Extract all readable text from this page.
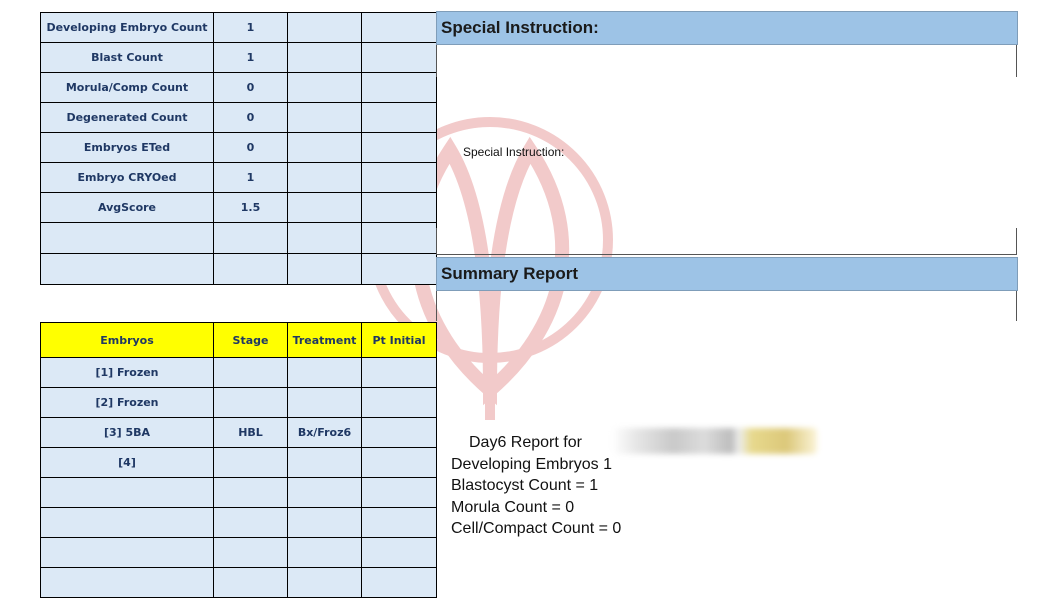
Developing Embryo Count	1		
Blast Count	1		
Morula/Comp Count	0		
Degenerated Count	0		
Embryos ETed	0		
Embryo CRYOed	1		
AvgScore	1.5		

Embryos	Stage	Treatment	Pt Initial
[1] Frozen			
[2] Frozen			
[3] 5BA	HBL	Bx/Froz6	
[4]			

Special Instruction:
Special Instruction:
Summary Report
Day6 Report for
Developing Embryos 1
Blastocyst Count = 1
Morula Count = 0
Cell/Compact Count = 0
